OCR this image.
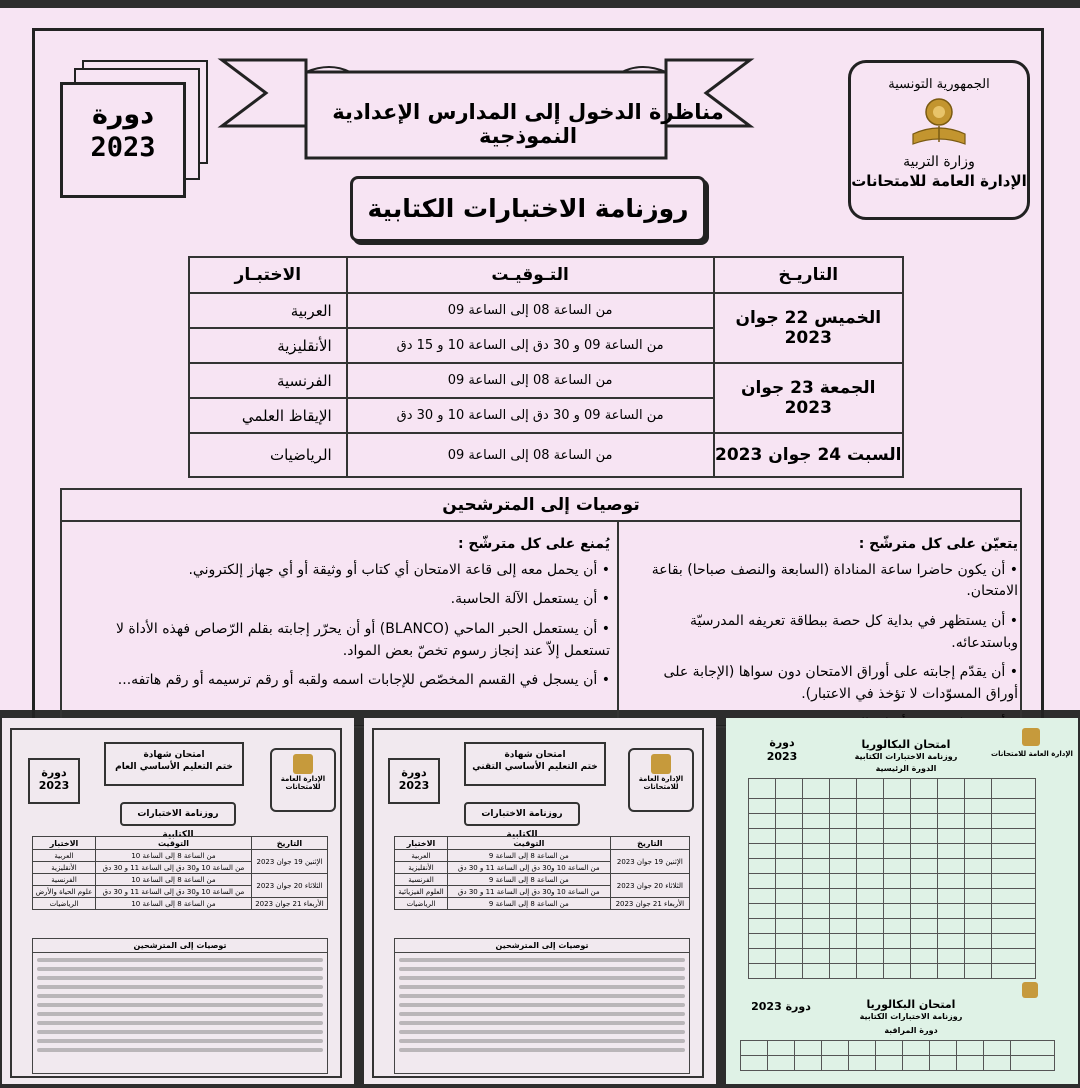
الجمهورية التونسية
وزارة التربية
الإدارة العامة للامتحانات
دورة
2023
مناظرة الدخول إلى المدارس الإعدادية النموذجية
روزنامة الاختبارات الكتابية
التاريـخ	التـوقيـت	الاختبـار
الخميس 22 جوان 2023	من الساعة 08 إلى الساعة 09	العربية
	من الساعة 09 و 30 دق إلى الساعة 10 و 15 دق	الأنقليزية
الجمعة 23 جوان 2023	من الساعة 08 إلى الساعة 09	الفرنسية
	من الساعة 09 و 30 دق إلى الساعة 10 و 30 دق	الإيقاظ العلمي
السبت 24 جوان 2023	من الساعة 08 إلى الساعة 09	الرياضيات
توصيات إلى المترشحين
يتعيّن على كل مترشّح :
• أن يكون حاضرا ساعة المناداة (السابعة والنصف صباحا) بقاعة الامتحان.
• أن يستظهر في بداية كل حصة ببطاقة تعريفه المدرسيّة وباستدعائه.
• أن يقدّم إجابته على أوراق الامتحان دون سواها (الإجابة على أوراق المسوّدات لا تؤخذ في الاعتبار).
•
يُمنع على كل مترشّح :
• أن يحمل معه إلى قاعة الامتحان أي كتاب أو وثيقة أو أي جهاز إلكتروني.
• أن يستعمل الآلة الحاسبة.
• أن يستعمل الحبر الماحي (BLANCO) أو أن يحرّر إجابته بقلم الرّصاص فهذه الأداة لا تستعمل إلاّ عند إنجاز رسوم تخصّ بعض المواد.
• أن يسجل في القسم المخصّص للإجابات اسمه ولقبه أو رقم ترسيمه أو رقم هاتفه...
الإدارة العامة للامتحانات
دورة
2023
امتحان شهادة
ختم التعليم الأساسي العام
روزنامة الاختبارات الكتابية
التاريخ	التوقيت	الاختبار
الإثنين 19 جوان 2023	من الساعة 8 إلى الساعة 10	العربية
	من الساعة 10 و30 دق إلى الساعة 11 و 30 دق	الأنقليزية
الثلاثاء 20 جوان 2023	من الساعة 8 إلى الساعة 10	الفرنسية
	من الساعة 10 و30 دق إلى الساعة 11 و 30 دق	علوم الحياة والأرض
الأربعاء 21 جوان 2023	من الساعة 8 إلى الساعة 10	الرياضيات
توصيات إلى المترشحين
الإدارة العامة للامتحانات
دورة
2023
امتحان شهادة
ختم التعليم الأساسي التقني
روزنامة الاختبارات الكتابية
التاريخ	التوقيت	الاختبار
الإثنين 19 جوان 2023	من الساعة 8 إلى الساعة 9	العربية
	من الساعة 10 و30 دق إلى الساعة 11 و 30 دق	الأنقليزية
الثلاثاء 20 جوان 2023	من الساعة 8 إلى الساعة 9	الفرنسية
	من الساعة 10 و30 دق إلى الساعة 11 و 30 دق	العلوم الفيزيائية
الأربعاء 21 جوان 2023	من الساعة 8 إلى الساعة 9	الرياضيات
توصيات إلى المترشحين
دورة
2023
امتحان البكالوريا
روزنامة الاختبارات الكتابية
الدورة الرئيسية
الإدارة العامة للامتحانات

دورة 2023	امتحان البكالوريا
روزنامة الاختبارات الكتابية
دورة المراقبة
